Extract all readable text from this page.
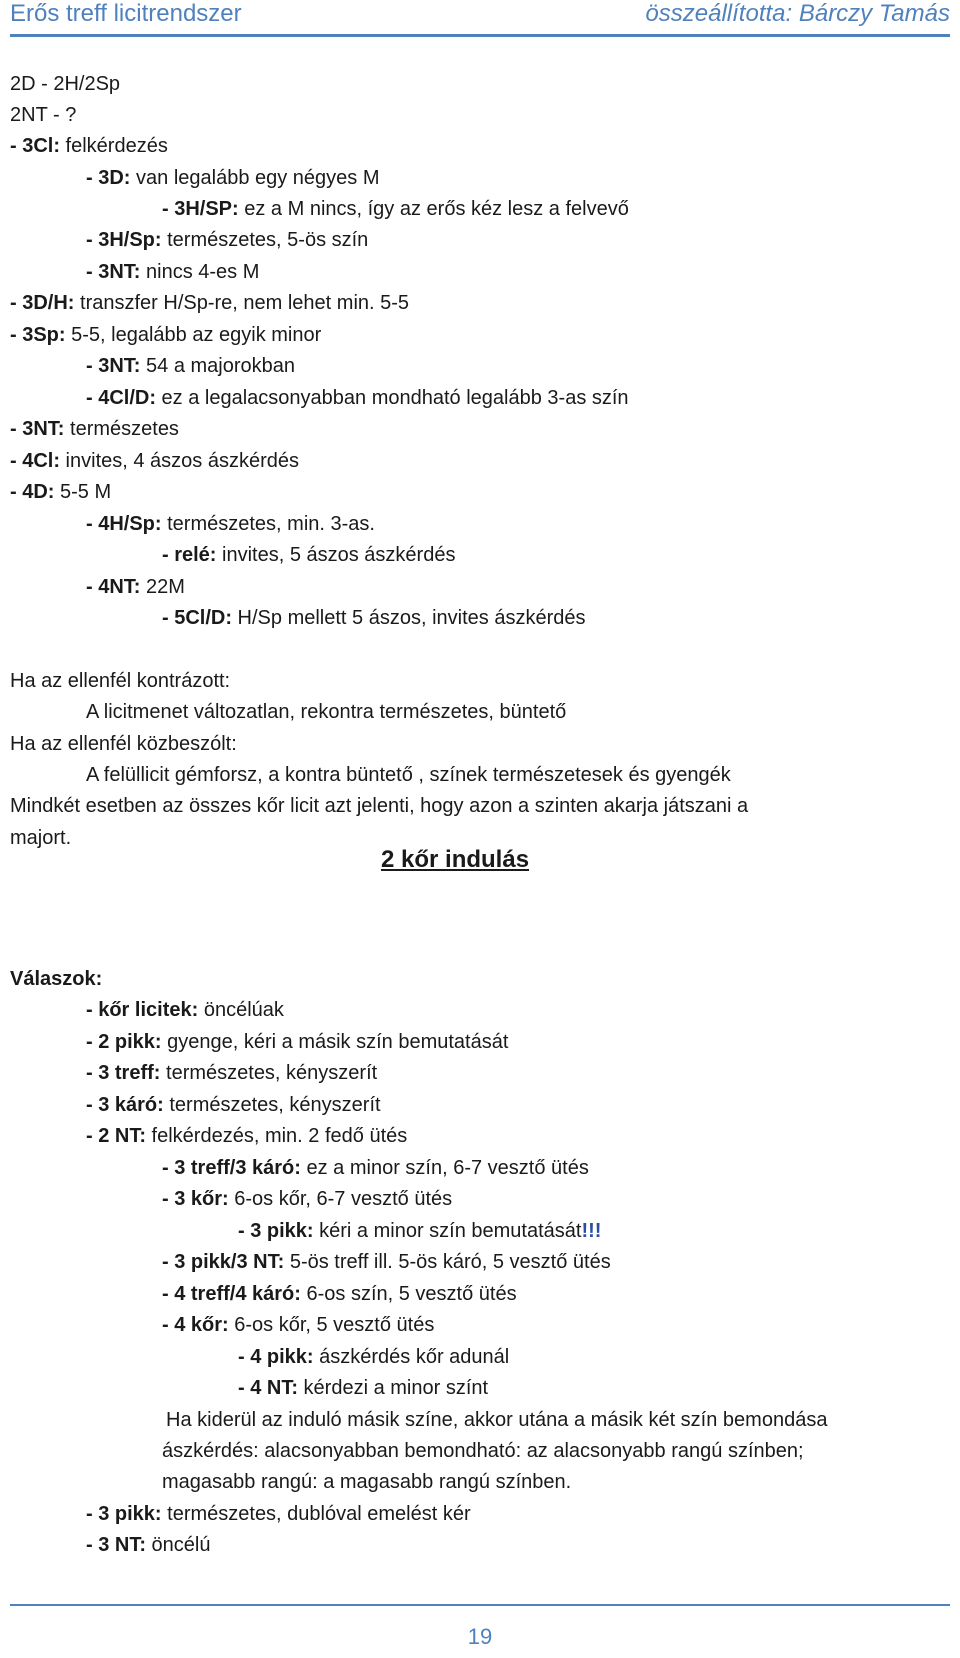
Erős treff licitrendszer	összeállította: Bárczy Tamás
2 kőr indulás
2D - 2H/2Sp
2NT - ?
- 3Cl: felkérdezés
- 3D: van legalább egy négyes M
- 3H/SP: ez a M nincs, így az erős kéz lesz a felvevő
- 3H/Sp: természetes, 5-ös szín
- 3NT: nincs 4-es M
- 3D/H: transzfer H/Sp-re, nem lehet min. 5-5
- 3Sp: 5-5, legalább az egyik minor
- 3NT: 54 a majorokban
- 4Cl/D: ez a legalacsonyabban mondható legalább 3-as szín
- 3NT: természetes
- 4Cl: invites, 4 ászos ászkérdés
- 4D: 5-5 M
- 4H/Sp: természetes, min. 3-as.
- relé: invites, 5 ászos ászkérdés
- 4NT: 22M
- 5Cl/D: H/Sp mellett 5 ászos, invites ászkérdés
Ha az ellenfél kontrázott:
A licitmenet változatlan, rekontra természetes, büntető
Ha az ellenfél közbeszólt:
A felüllicit gémforsz, a kontra büntető , színek természetesek és gyengék
Mindkét esetben az összes kőr licit azt jelenti, hogy azon a szinten akarja játszani a
majort.
Válaszok:
- kőr licitek: öncélúak
- 2 pikk: gyenge, kéri a másik szín bemutatását
- 3 treff: természetes, kényszerít
- 3 káró: természetes, kényszerít
- 2 NT: felkérdezés, min. 2 fedő ütés
- 3 treff/3 káró: ez a minor szín, 6-7 vesztő ütés
- 3 kőr: 6-os kőr, 6-7 vesztő ütés
- 3 pikk: kéri a minor szín bemutatását!!!
- 3 pikk/3 NT: 5-ös treff ill. 5-ös káró, 5 vesztő ütés
- 4 treff/4 káró: 6-os szín, 5 vesztő ütés
- 4 kőr: 6-os kőr, 5 vesztő ütés
- 4 pikk: ászkérdés kőr adunál
- 4 NT: kérdezi a minor színt
Ha kiderül az induló másik színe, akkor utána a másik két szín bemondása
ászkérdés: alacsonyabban bemondható: az alacsonyabb rangú színben;
magasabb rangú: a magasabb rangú színben.
- 3 pikk: természetes, dublóval emelést kér
- 3 NT: öncélú
19
